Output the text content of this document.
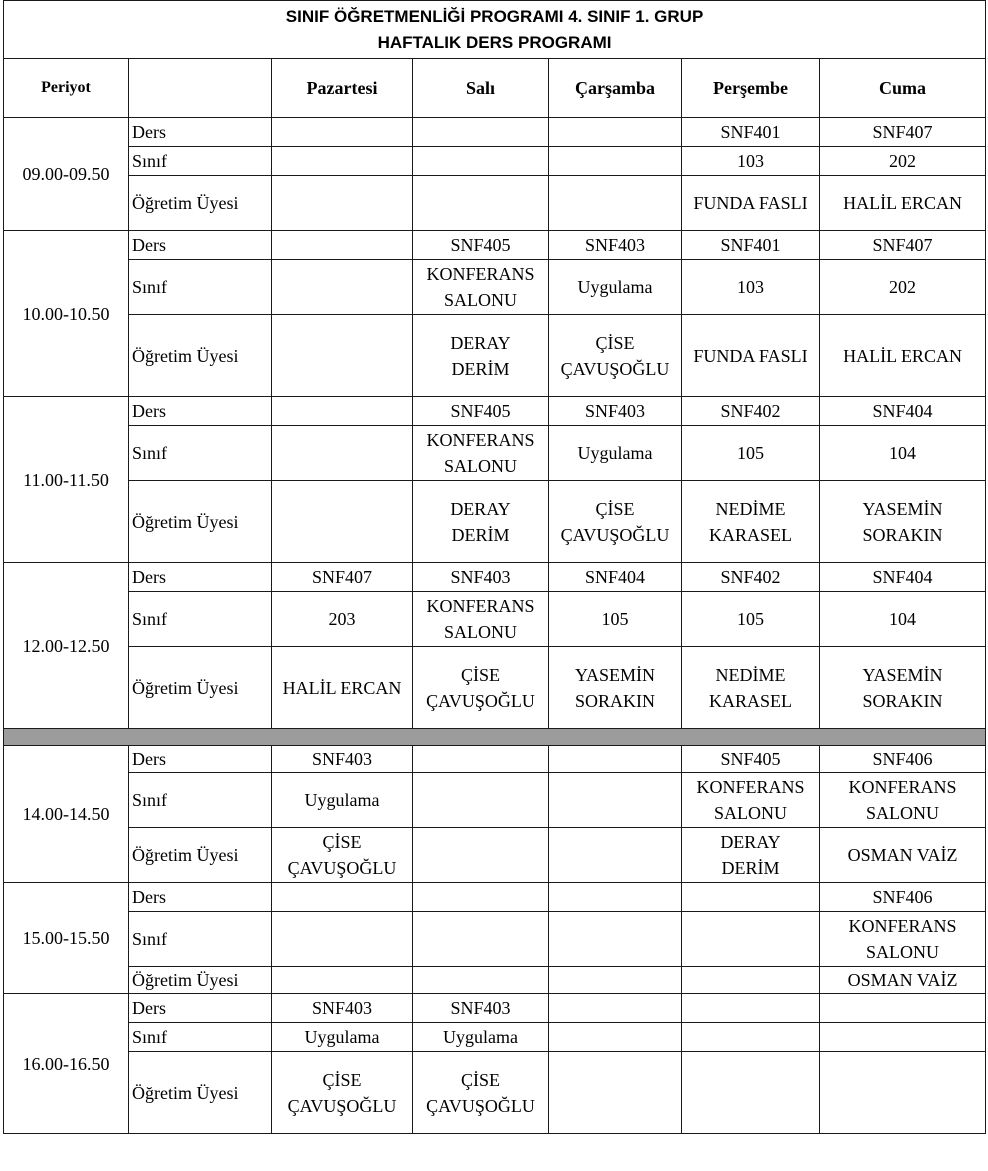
SINIF ÖĞRETMENLİĞİ PROGRAMI 4. SINIF 1. GRUP
HAFTALIK DERS PROGRAMI						

Periyot		Pazartesi	Salı	Çarşamba	Perşembe	Cuma
09.00-09.50	Ders				SNF401	SNF407
	Sınıf				103	202

	Öğretim Üyesi				FUNDA FASLI	HALİL ERCAN

10.00-10.50	Ders		SNF405	SNF403	SNF401	SNF407
	Sınıf		KONFERANS
SALONU	Uygulama	103	202

	Öğretim Üyesi		DERAY
DERİM	ÇİSE
ÇAVUŞOĞLU	FUNDA FASLI	HALİL ERCAN

11.00-11.50	Ders		SNF405	SNF403	SNF402	SNF404
	Sınıf		KONFERANS
SALONU	Uygulama	105	104

	Öğretim Üyesi		DERAY
DERİM	ÇİSE
ÇAVUŞOĞLU	NEDİME
KARASEL	YASEMİN
SORAKIN

12.00-12.50	Ders	SNF407	SNF403	SNF404	SNF402	SNF404
	Sınıf	203	KONFERANS
SALONU	105	105	104

	Öğretim Üyesi	HALİL ERCAN	ÇİSE
ÇAVUŞOĞLU	YASEMİN
SORAKIN	NEDİME
KARASEL	YASEMİN
SORAKIN

14.00-14.50	Ders	SNF403			SNF405	SNF406
	Sınıf	Uygulama			KONFERANS
SALONU	KONFERANS
SALONU

	Öğretim Üyesi	ÇİSE
ÇAVUŞOĞLU			DERAY
DERİM	OSMAN VAİZ

15.00-15.50	Ders					SNF406
	Sınıf					KONFERANS
SALONU

	Öğretim Üyesi					OSMAN VAİZ

16.00-16.50	Ders	SNF403	SNF403			
	Sınıf	Uygulama	Uygulama			

	Öğretim Üyesi	ÇİSE
ÇAVUŞOĞLU	ÇİSE
ÇAVUŞOĞLU			
